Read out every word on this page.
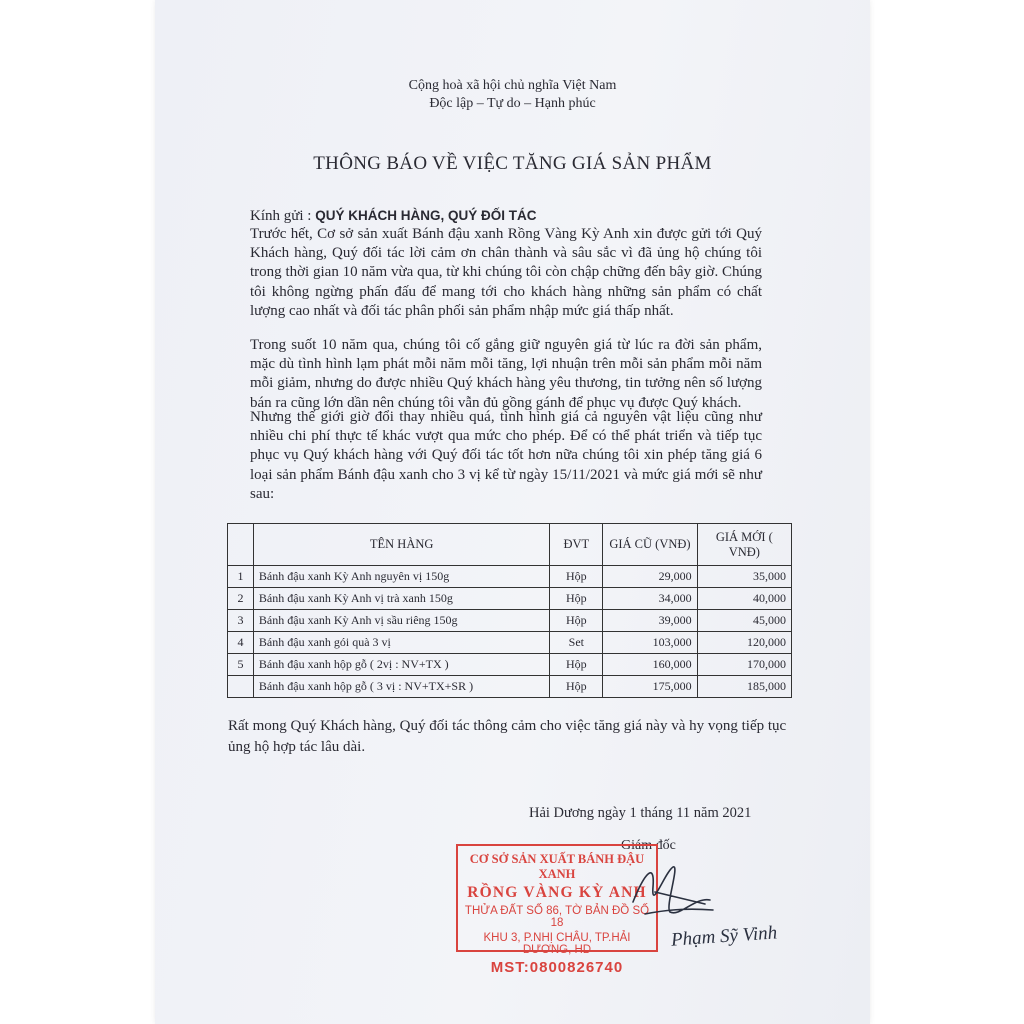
Cộng hoà xã hội chủ nghĩa Việt Nam
Độc lập – Tự do – Hạnh phúc
THÔNG BÁO VỀ VIỆC TĂNG GIÁ SẢN PHẨM
Kính gửi : QUÝ KHÁCH HÀNG, QUÝ ĐỐI TÁC
Trước hết, Cơ sở sản xuất Bánh đậu xanh Rồng Vàng Kỳ Anh xin được gửi tới Quý Khách hàng, Quý đối tác lời cảm ơn chân thành và sâu sắc vì đã ủng hộ chúng tôi trong thời gian 10 năm vừa qua, từ khi chúng tôi còn chập chững đến bây giờ. Chúng tôi không ngừng phấn đấu để mang tới cho khách hàng những sản phẩm có chất lượng cao nhất và đối tác phân phối sản phẩm nhập mức giá thấp nhất.
Trong suốt 10 năm qua, chúng tôi cố gắng giữ nguyên giá từ lúc ra đời sản phẩm, mặc dù tình hình lạm phát mỗi năm mỗi tăng, lợi nhuận trên mỗi sản phẩm mỗi năm mỗi giảm, nhưng do được nhiều Quý khách hàng yêu thương, tin tưởng nên số lượng bán ra cũng lớn dần nên chúng tôi vẫn đủ gồng gánh để phục vụ được Quý khách.
Nhưng thế giới giờ đổi thay nhiều quá, tình hình giá cả nguyên vật liệu cũng như nhiều chi phí thực tế khác vượt qua mức cho phép. Để có thể phát triển và tiếp tục phục vụ Quý khách hàng với Quý đối tác tốt hơn nữa chúng tôi xin phép tăng giá 6 loại sản phẩm Bánh đậu xanh cho 3 vị kể từ ngày 15/11/2021 và mức giá mới sẽ như sau:
	TÊN HÀNG	ĐVT	GIÁ CŨ (VNĐ)	GIÁ MỚI ( VNĐ)
1	Bánh đậu xanh Kỳ Anh nguyên vị 150g	Hộp	29,000	35,000
2	Bánh đậu xanh Kỳ Anh vị trà xanh 150g	Hộp	34,000	40,000
3	Bánh đậu xanh Kỳ Anh vị sầu riêng 150g	Hộp	39,000	45,000
4	Bánh đậu xanh gói quà 3 vị	Set	103,000	120,000
5	Bánh đậu xanh hộp gỗ ( 2vị : NV+TX )	Hộp	160,000	170,000
	Bánh đậu xanh hộp gỗ ( 3 vị : NV+TX+SR )	Hộp	175,000	185,000
Rất mong Quý Khách hàng, Quý đối tác thông cảm cho việc tăng giá này và hy vọng tiếp tục ủng hộ hợp tác lâu dài.
Hải Dương ngày 1 tháng 11 năm 2021
Giám đốc
CƠ SỞ SẢN XUẤT BÁNH ĐẬU XANH
RỒNG VÀNG KỲ ANH
THỬA ĐẤT SỐ 86, TỜ BẢN ĐỒ SỐ 18
KHU 3, P.NHỊ CHÂU, TP.HẢI DƯƠNG, HD
MST:0800826740
Phạm Sỹ Vinh
